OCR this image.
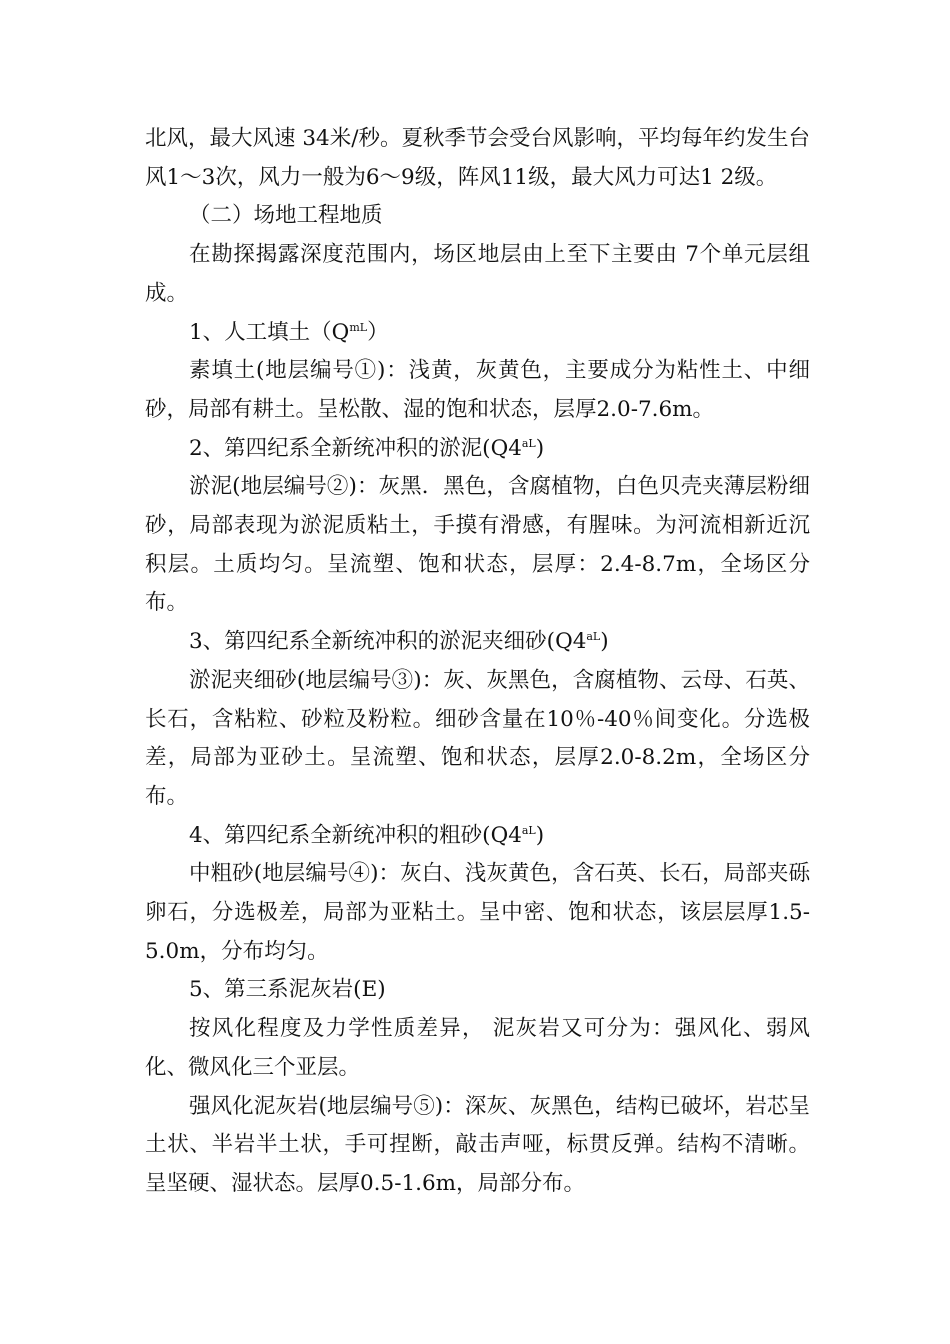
北风，最大风速 34米/秒。夏秋季节会受台风影响，平均每年约发生台风1～3次，风力一般为6～9级，阵风11级，最大风力可达1 2级。

（二）场地工程地质

在勘探揭露深度范围内，场区地层由上至下主要由 7个单元层组成。

1、人工填土$(Q^{mL})$

素填土(地层编号①)：浅黄，灰黄色，主要成分为粘性土、中细砂，局部有耕土。呈松散、湿的饱和状态，层厚2.0-7.6m。

2、第四纪系全新统冲积的淤泥$(Q4^{aL})$

淤泥(地层编号②)：灰黑．黑色，含腐植物，白色贝壳夹薄层粉细砂，局部表现为淤泥质粘土，手摸有滑感，有腥味。为河流相新近沉积层。土质均匀。呈流塑、饱和状态，层厚：2.4-8.7m，全场区分布。

3、第四纪系全新统冲积的淤泥夹细砂$(Q4^{aL})$

淤泥夹细砂(地层编号③)：灰、灰黑色，含腐植物、云母、石英、长石，含粘粒、砂粒及粉粒。细砂含量在10％-40％间变化。分选极差，局部为亚砂土。呈流塑、饱和状态，层厚2.0-8.2m，全场区分布。

4、第四纪系全新统冲积的粗砂$(Q4^{aL})$

中粗砂(地层编号④)：灰白、浅灰黄色，含石英、长石，局部夹砾卵石，分选极差，局部为亚粘土。呈中密、饱和状态，该层层厚1.5-5.0m，分布均匀。

5、第三系泥灰岩(E)

按风化程度及力学性质差异， 泥灰岩又可分为：强风化、弱风化、微风化三个亚层。

强风化泥灰岩(地层编号⑤)：深灰、灰黑色，结构已破坏，岩芯呈土状、半岩半土状，手可捏断，敲击声哑，标贯反弹。结构不清晰。呈坚硬、湿状态。层厚0.5-1.6m，局部分布。
